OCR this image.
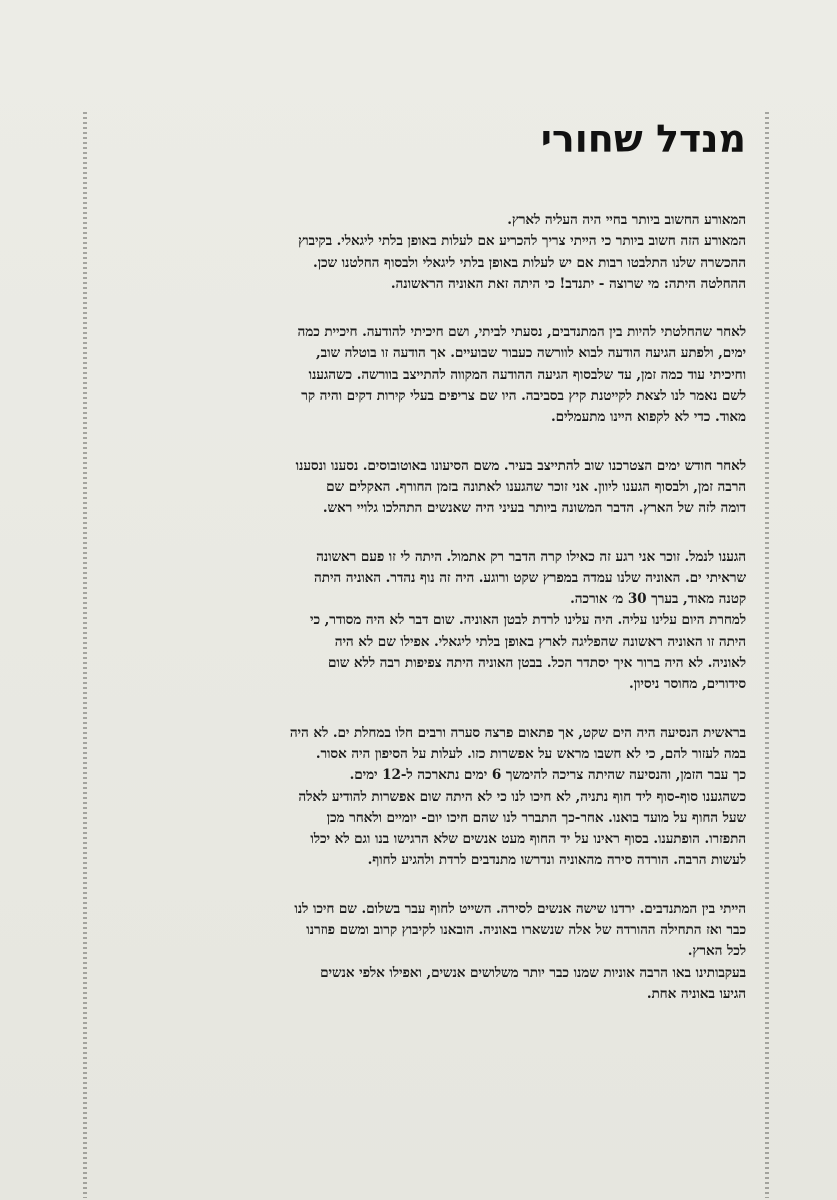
מנדל שחורי
המאורע החשוב ביותר בחיי היה העליה לארץ.
המאורע הזה חשוב ביותר כי הייתי צריך להכריע אם לעלות באופן בלתי ליגאלי. בקיבוץ
ההכשרה שלנו התלבטו רבות אם יש לעלות באופן בלתי ליגאלי ולבסוף החלטנו שכן.
ההחלטה היתה: מי שרוצה - יתנדב! כי היתה זאת האוניה הראשונה.
לאחר שהחלטתי להיות בין המתנדבים, נסעתי לביתי, ושם חיכיתי להודעה. חיכיית כמה
ימים, ולפתע הגיעה הודעה לבוא לוורשה כעבור שבועיים. אך הודעה זו בוטלה שוב,
וחיכיתי עוד כמה זמן, עד שלבסוף הגיעה ההודעה המקווה להתייצב בוורשה. כשהגענו
לשם נאמר לנו לצאת לקייטנת קיץ בסביבה. היו שם צריפים בעלי קירות דקים והיה קר
מאוד. כדי לא לקפוא היינו מתעמלים.
לאחר חודש ימים הצטרכנו שוב להתייצב בעיר. משם הסיעונו באוטובוסים. נסענו ונסענו
הרבה זמן, ולבסוף הגענו ליוון. אני זוכר שהגענו לאתונה בזמן החורף. האקלים שם
דומה לזה של הארץ. הדבר המשונה ביותר בעיני היה שאנשים התהלכו גלויי ראש.
הגענו לנמל. זוכר אני רגע זה כאילו קרה הדבר רק אתמול. היתה לי זו פעם ראשונה
שראיתי ים. האוניה שלנו עמדה במפרץ שקט ורוגע. היה זה נוף נהדר. האוניה היתה
קטנה מאוד, בערך 30 מ׳ אורכה.
למחרת היום עלינו עליה. היה עלינו לרדת לבטן האוניה. שום דבר לא היה מסודר, כי
היתה זו האוניה ראשונה שהפליגה לארץ באופן בלתי ליגאלי. אפילו שם לא היה
לאוניה. לא היה ברור איך יסתדר הכל. בבטן האוניה היתה צפיפות רבה ללא שום
סידורים, מחוסר ניסיון.
בראשית הנסיעה היה הים שקט, אך פתאום פרצה סערה ורבים חלו במחלת ים. לא היה
במה לעזור להם, כי לא חשבו מראש על אפשרות כזו. לעלות על הסיפון היה אסור.
כך עבר הזמן, והנסיעה שהיתה צריכה להימשך 6 ימים נתארכה ל-12 ימים.
כשהגענו סוף-סוף ליד חוף נתניה, לא חיכו לנו כי לא היתה שום אפשרות להודיע לאלה
שעל החוף על מועד בואנו. אחר-כך התברר לנו שהם חיכו יום- יומיים ולאחר מכן
התפזרו. הופתענו. בסוף ראינו על יד החוף מעט אנשים שלא הרגישו בנו וגם לא יכלו
לעשות הרבה. הורדה סירה מהאוניה ונדרשו מתנדבים לרדת ולהגיע לחוף.
הייתי בין המתנדבים. ירדנו שישה אנשים לסירה. השייט לחוף עבר בשלום. שם חיכו לנו
כבר ואז התחילה ההורדה של אלה שנשארו באוניה. הובאנו לקיבוץ קרוב ומשם פוזרנו
לכל הארץ.
בעקבותינו באו הרבה אוניות שמנו כבר יותר משלושים אנשים, ואפילו אלפי אנשים
הגיעו באוניה אחת.
